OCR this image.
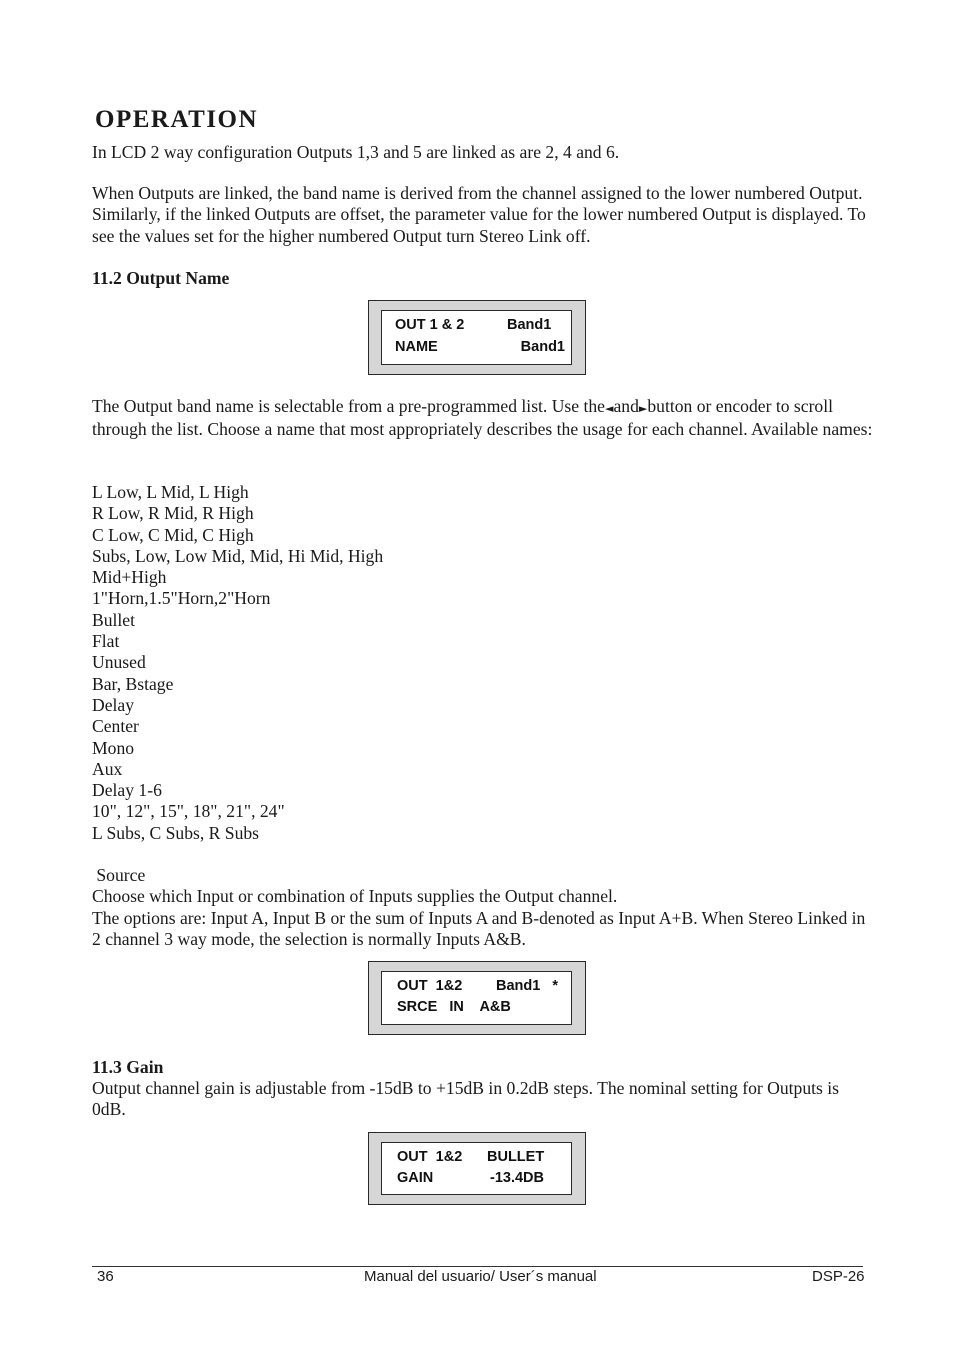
OPERATION

In LCD 2 way configuration Outputs 1,3 and 5 are linked as are 2, 4 and 6.

When Outputs are linked, the band name is derived from the channel assigned to the lower numbered Output. Similarly, if the linked Outputs are offset, the parameter value for the lower numbered Output is displayed. To see the values set for the higher numbered Output turn Stereo Link off.

11.2 Output Name
OUT 1 & 2	Band1
NAME	Band1

The Output band name is selectable from a pre-programmed list. Use the◄and►button or encoder to scroll through the list. Choose a name that most appropriately describes the usage for each channel. Available names:

L Low, L Mid, L High
R Low, R Mid, R High
C Low, C Mid, C High
Subs, Low, Low Mid, Mid, Hi Mid, High
Mid+High
1"Horn,1.5"Horn,2"Horn
Bullet
Flat
Unused
Bar, Bstage
Delay
Center
Mono
Aux
Delay 1-6
10", 12", 15", 18", 21", 24"
L Subs, C Subs, R Subs

Source

Choose which Input or combination of Inputs supplies the Output channel.

The options are: Input A, Input B or the sum of Inputs A and B-denoted as Input A+B. When Stereo Linked in 2 channel 3 way mode, the selection is normally Inputs A&B.

OUT  1&2 Band1   *
SRCE   IN    A&B
11.3 Gain

Output channel gain is adjustable from -15dB to +15dB in 0.2dB steps. The nominal setting for Outputs is 0dB.

OUT  1&2 BULLET
GAIN	-13.4DB
36	Manual del usuario/ User´s manual	DSP-26
